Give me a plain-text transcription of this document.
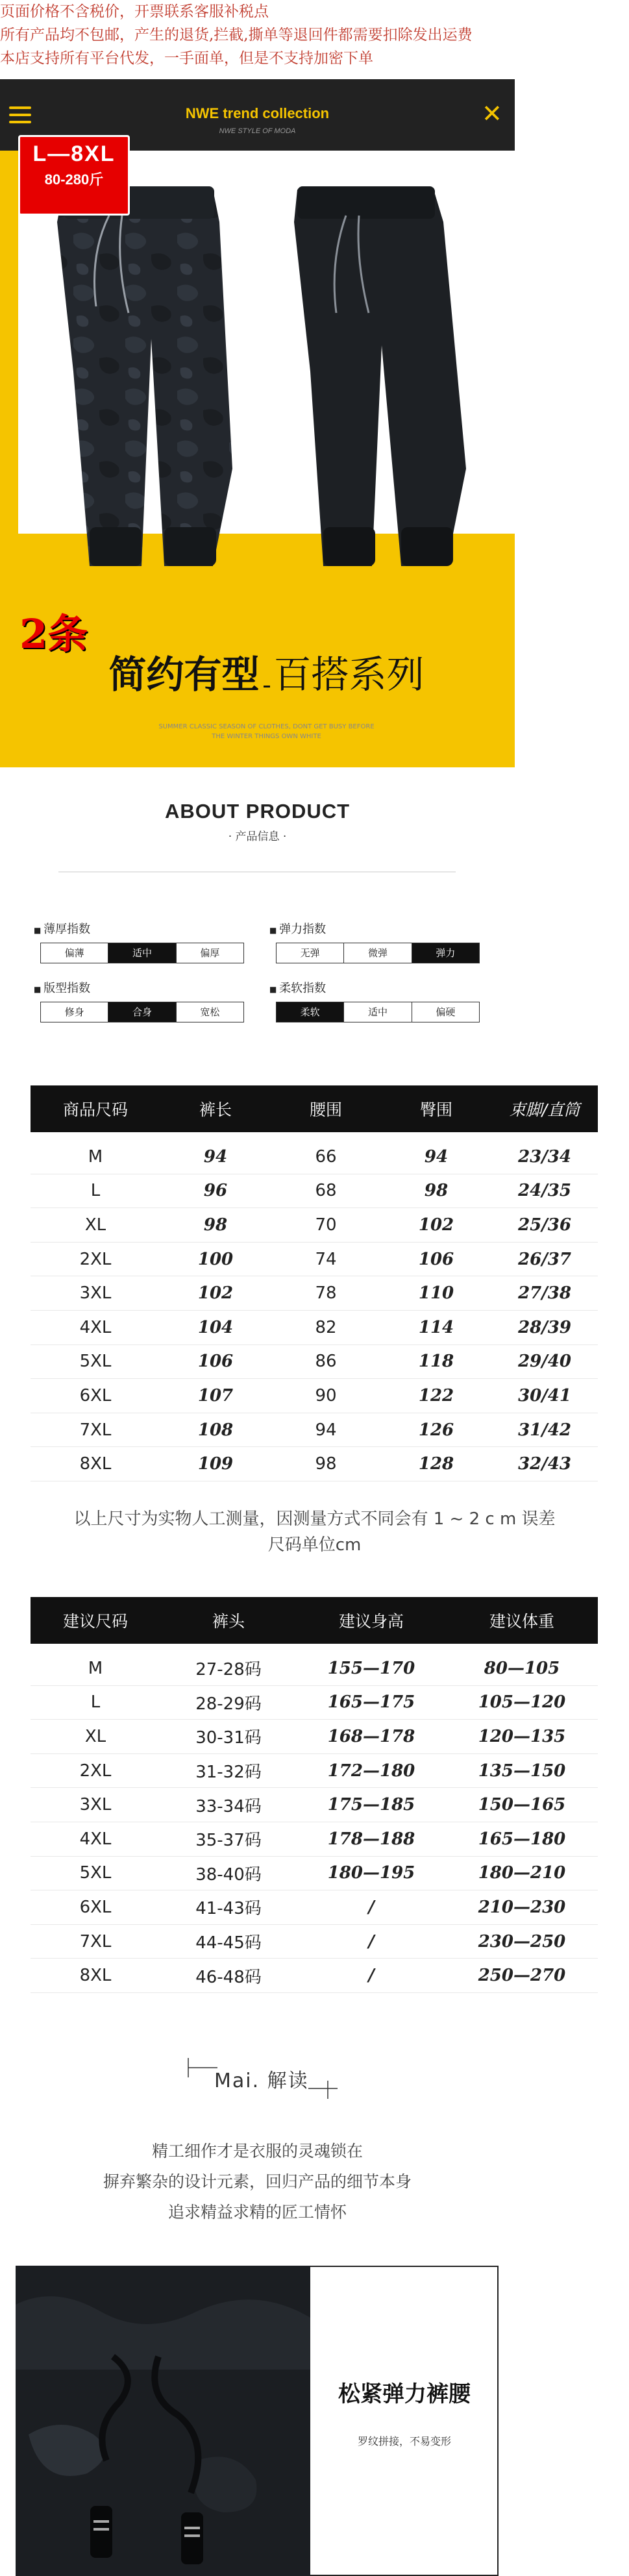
页面价格不含税价，开票联系客服补税点
所有产品均不包邮，产生的退货,拦截,撕单等退回件都需要扣除发出运费
本店支持所有平台代发，一手面单，但是不支持加密下单
✕
NWE trend collection
NWE STYLE OF MODA
L—8XL
80-280斤
2条
简约有型 百搭系列
SUMMER CLASSIC SEASON OF CLOTHES, DONT GET BUSY BEFORE
THE WINTER THINGS OWN WHITE
ABOUT PRODUCT
· 产品信息 ·
■ 薄厚指数
偏薄	适中	偏厚
■ 弹力指数
无弹	微弹	弹力
■ 版型指数
修身	合身	宽松
■ 柔软指数
柔软	适中	偏硬
商品尺码	裤长	腰围	臀围	束脚/直筒
M	94	66	94	23/34
L	96	68	98	24/35
XL	98	70	102	25/36
2XL	100	74	106	26/37
3XL	102	78	110	27/38
4XL	104	82	114	28/39
5XL	106	86	118	29/40
6XL	107	90	122	30/41
7XL	108	94	126	31/42
8XL	109	98	128	32/43
以上尺寸为实物人工测量，因测量方式不同会有 1 ~ 2 c m 误差
尺码单位cm
建议尺码	裤头	建议身高	建议体重
M	27-28码	155—170	80—105
L	28-29码	165—175	105—120
XL	30-31码	168—178	120—135
2XL	31-32码	172—180	135—150
3XL	33-34码	175—185	150—165
4XL	35-37码	178—188	165—180
5XL	38-40码	180—195	180—210
6XL	41-43码	/	210—230
7XL	44-45码	/	230—250
8XL	46-48码	/	250—270
Mai. 解读
精工细作才是衣服的灵魂锁在
摒弃繁杂的设计元素，回归产品的细节本身
追求精益求精的匠工情怀
松紧弹力裤腰
罗纹拼接，不易变形
